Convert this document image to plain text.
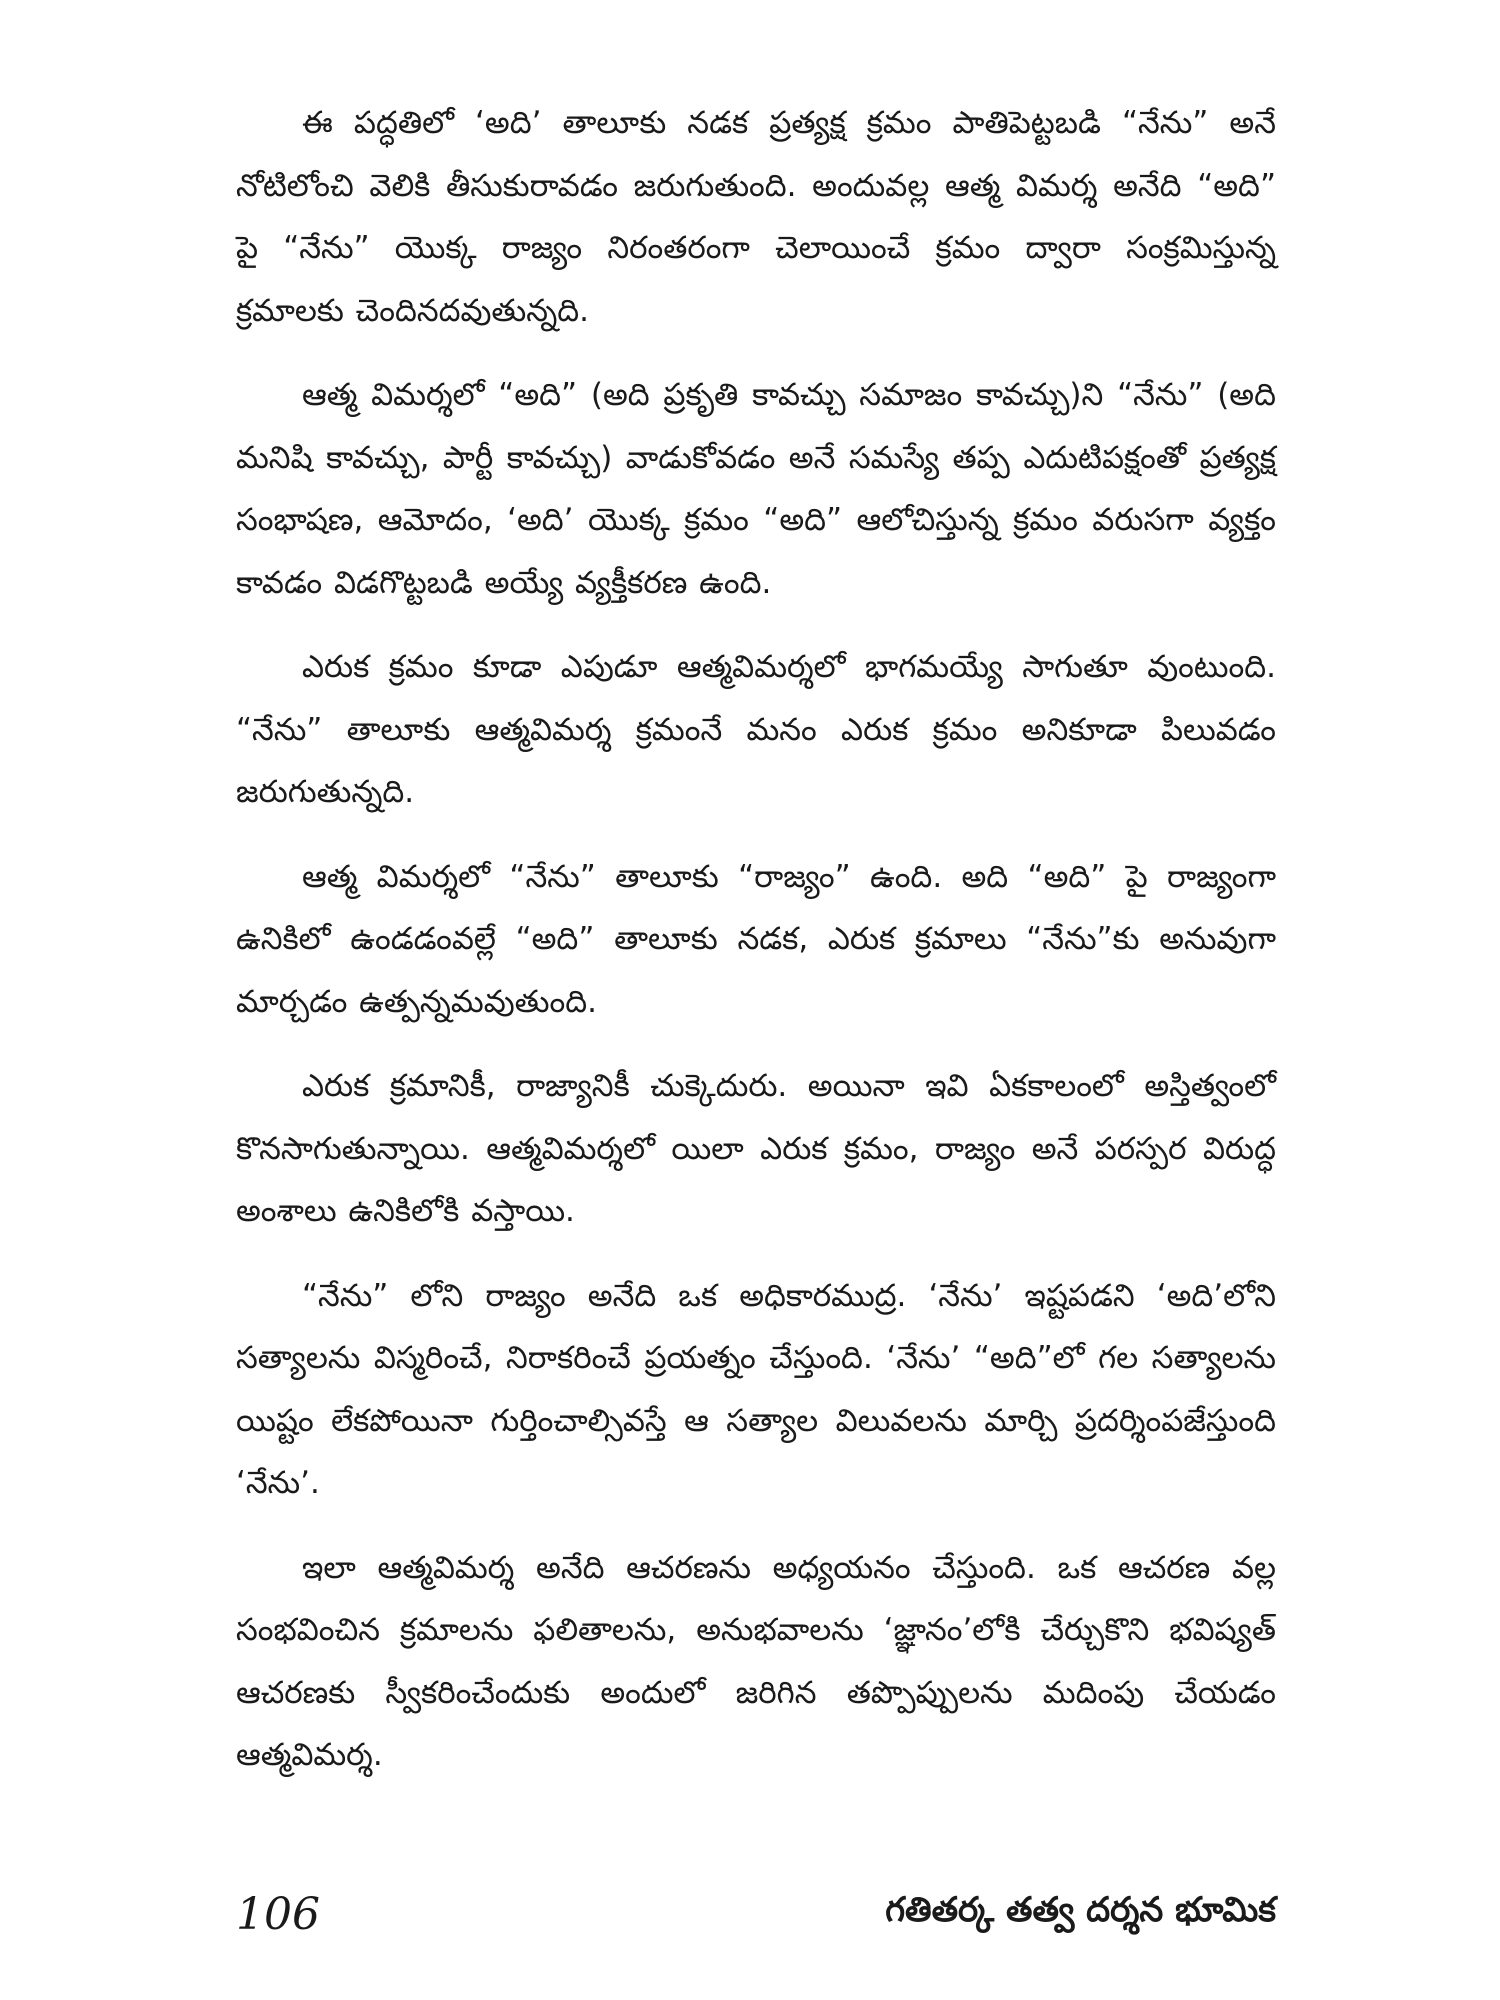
ఈ పద్ధతిలో ‘అది’ తాలూకు నడక ప్రత్యక్ష క్రమం పాతిపెట్టబడి “నేను” అనే నోటిలోంచి వెలికి తీసుకురావడం జరుగుతుంది. అందువల్ల ఆత్మ విమర్శ అనేది “అది” పై “నేను” యొక్క రాజ్యం నిరంతరంగా చెలాయించే క్రమం ద్వారా సంక్రమిస్తున్న క్రమాలకు చెందినదవుతున్నది.

ఆత్మ విమర్శలో “అది” (అది ప్రకృతి కావచ్చు సమాజం కావచ్చు)ని “నేను” (అది మనిషి కావచ్చు, పార్టీ కావచ్చు) వాడుకోవడం అనే సమస్యే తప్ప ఎదుటిపక్షంతో ప్రత్యక్ష సంభాషణ, ఆమోదం, ‘అది’ యొక్క క్రమం “అది” ఆలోచిస్తున్న క్రమం వరుసగా వ్యక్తం కావడం విడగొట్టబడి అయ్యే వ్యక్తీకరణ ఉంది.

ఎరుక క్రమం కూడా ఎపుడూ ఆత్మవిమర్శలో భాగమయ్యే సాగుతూ వుంటుంది. “నేను” తాలూకు ఆత్మవిమర్శ క్రమంనే మనం ఎరుక క్రమం అనికూడా పిలువడం జరుగుతున్నది.

ఆత్మ విమర్శలో “నేను” తాలూకు “రాజ్యం” ఉంది. అది “అది” పై రాజ్యంగా ఉనికిలో ఉండడంవల్లే “అది” తాలూకు నడక, ఎరుక క్రమాలు “నేను”కు అనువుగా మార్చడం ఉత్పన్నమవుతుంది.

ఎరుక క్రమానికీ, రాజ్యానికీ చుక్కెదురు. అయినా ఇవి ఏకకాలంలో అస్తిత్వంలో కొనసాగుతున్నాయి. ఆత్మవిమర్శలో యిలా ఎరుక క్రమం, రాజ్యం అనే పరస్పర విరుద్ధ అంశాలు ఉనికిలోకి వస్తాయి.

“నేను” లోని రాజ్యం అనేది ఒక అధికారముద్ర. ‘నేను’ ఇష్టపడని ‘అది’లోని సత్యాలను విస్మరించే, నిరాకరించే ప్రయత్నం చేస్తుంది. ‘నేను’ “అది”లో గల సత్యాలను యిష్టం లేకపోయినా గుర్తించాల్సివస్తే ఆ సత్యాల విలువలను మార్చి ప్రదర్శింపజేస్తుంది ‘నేను’.

ఇలా ఆత్మవిమర్శ అనేది ఆచరణను అధ్యయనం చేస్తుంది. ఒక ఆచరణ వల్ల సంభవించిన క్రమాలను ఫలితాలను, అనుభవాలను ‘జ్ఞానం’లోకి చేర్చుకొని భవిష్యత్ ఆచరణకు స్వీకరించేందుకు అందులో జరిగిన తప్పొప్పులను మదింపు చేయడం ఆత్మవిమర్శ.

106	గతితర్క తత్వ దర్శన భూమిక
